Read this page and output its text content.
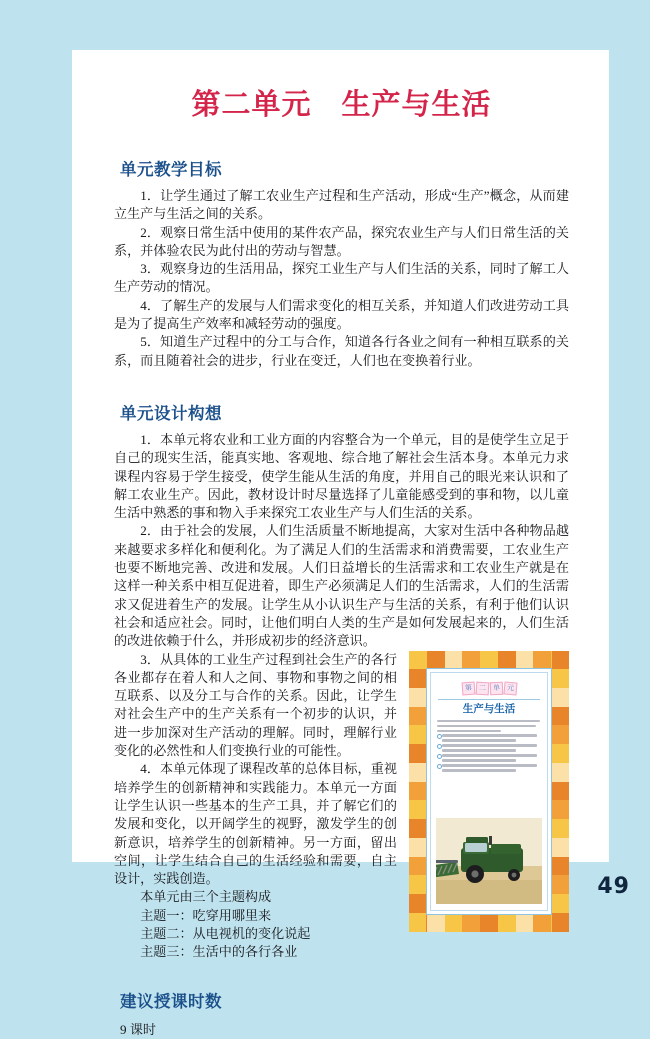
第二单元　生产与生活
单元教学目标

1．让学生通过了解工农业生产过程和生产活动，形成“生产”概念，从而建立生产与生活之间的关系。

2．观察日常生活中使用的某件农产品，探究农业生产与人们日常生活的关系，并体验农民为此付出的劳动与智慧。

3．观察身边的生活用品，探究工业生产与人们生活的关系，同时了解工人生产劳动的情况。

4．了解生产的发展与人们需求变化的相互关系，并知道人们改进劳动工具是为了提高生产效率和减轻劳动的强度。

5．知道生产过程中的分工与合作，知道各行各业之间有一种相互联系的关系，而且随着社会的进步，行业在变迁，人们也在变换着行业。

单元设计构想

1．本单元将农业和工业方面的内容整合为一个单元，目的是使学生立足于自己的现实生活，能真实地、客观地、综合地了解社会生活本身。本单元力求课程内容易于学生接受，使学生能从生活的角度，并用自己的眼光来认识和了解工农业生产。因此，教材设计时尽量选择了儿童能感受到的事和物，以儿童生活中熟悉的事和物入手来探究工农业生产与人们生活的关系。

2．由于社会的发展，人们生活质量不断地提高，大家对生活中各种物品越来越要求多样化和便利化。为了满足人们的生活需求和消费需要，工农业生产也要不断地完善、改进和发展。人们日益增长的生活需求和工农业生产就是在这样一种关系中相互促进着，即生产必须满足人们的生活需求，人们的生活需求又促进着生产的发展。让学生从小认识生产与生活的关系，有利于他们认识社会和适应社会。同时，让他们明白人类的生产是如何发展起来的，人们生活的改进依赖于什么，并形成初步的经济意识。

第 二 单 元
生产与生活

3．从具体的工业生产过程到社会生产的各行各业都存在着人和人之间、事物和事物之间的相互联系、以及分工与合作的关系。因此，让学生对社会生产中的生产关系有一个初步的认识，并进一步加深对生产活动的理解。同时，理解行业变化的必然性和人们变换行业的可能性。

4．本单元体现了课程改革的总体目标，重视培养学生的创新精神和实践能力。本单元一方面让学生认识一些基本的生产工具，并了解它们的发展和变化，以开阔学生的视野，激发学生的创新意识，培养学生的创新精神。另一方面，留出空间，让学生结合自己的生活经验和需要，自主设计，实践创造。

本单元由三个主题构成
主题一：吃穿用哪里来
主题二：从电视机的变化说起
主题三：生活中的各行各业
建议授课时数
9 课时
49
